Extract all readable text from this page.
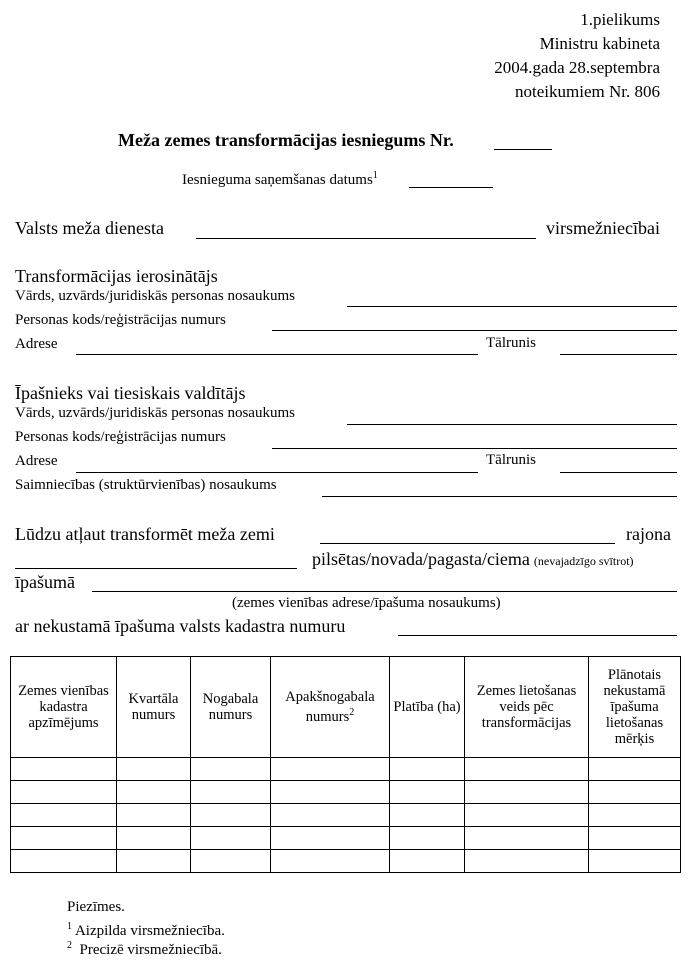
1.pielikums
Ministru kabineta
2004.gada 28.septembra
noteikumiem Nr. 806
Meža zemes transformācijas iesniegums Nr.
Iesnieguma saņemšanas datums$^1$
Valsts meža dienesta	virsmežniecībai
Transformācijas ierosinātājs
Vārds, uzvārds/juridiskās personas nosaukums
Personas kods/reģistrācijas numurs
Adrese	Tālrunis
Īpašnieks vai tiesiskais valdītājs
Vārds, uzvārds/juridiskās personas nosaukums
Personas kods/reģistrācijas numurs
Adrese	Tālrunis
Saimniecības (struktūrvienības) nosaukums
Lūdzu atļaut transformēt meža zemi	rajona
pilsētas/novada/pagasta/ciema (nevajadzīgo svītrot)
īpašumā
(zemes vienības adrese/īpašuma nosaukums)
ar nekustamā īpašuma valsts kadastra numuru
Zemes vienības kadastra apzīmējums	Kvartāla numurs	Nogabala numurs	Apakšnogabala numurs$^2$	Platība (ha)	Zemes lietošanas veids pēc transformācijas	Plānotais nekustamā īpašuma lietošanas mērķis

Piezīmes.
$^1$ Aizpilda virsmežniecība.
$^2$ Precizē virsmežniecībā.
